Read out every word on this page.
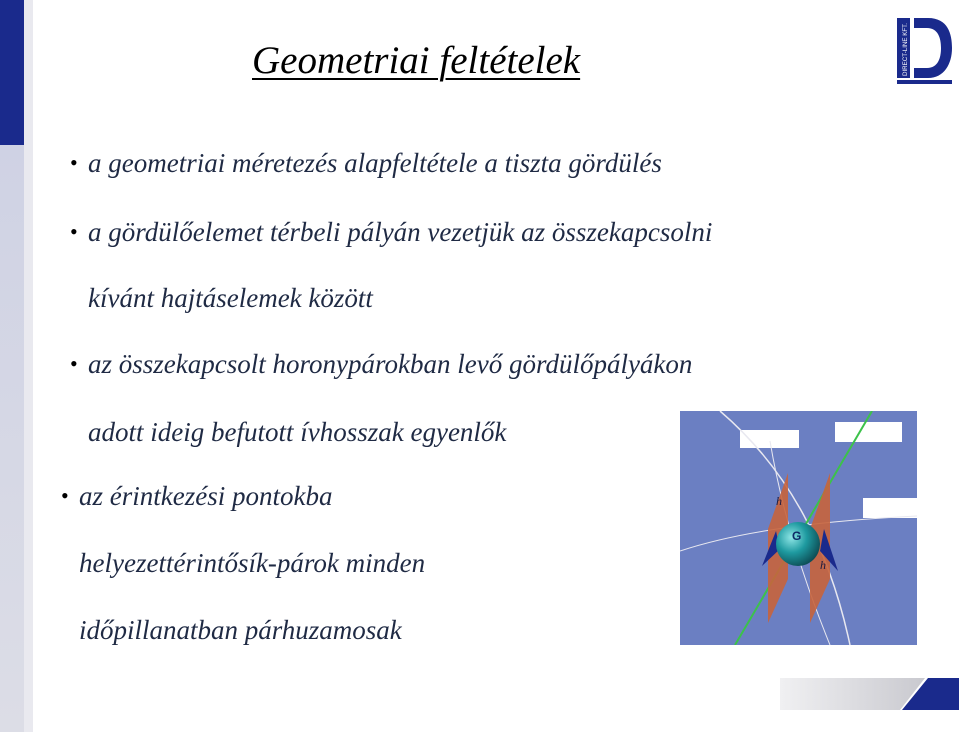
Geometriai feltételek	DIRECT-LINE KFT.
• a geometriai méretezés alapfeltétele a tiszta gördülés
• a gördülőelemet térbeli pályán vezetjük az összekapcsolni
kívánt hajtáselemek között
• az összekapcsolt horonypárokban levő gördülőpályákon
adott ideig befutott ívhosszak egyenlők
• az érintkezési pontokba
helyezettérintősík-párok minden
időpillanatban párhuzamosak
G
h
h
